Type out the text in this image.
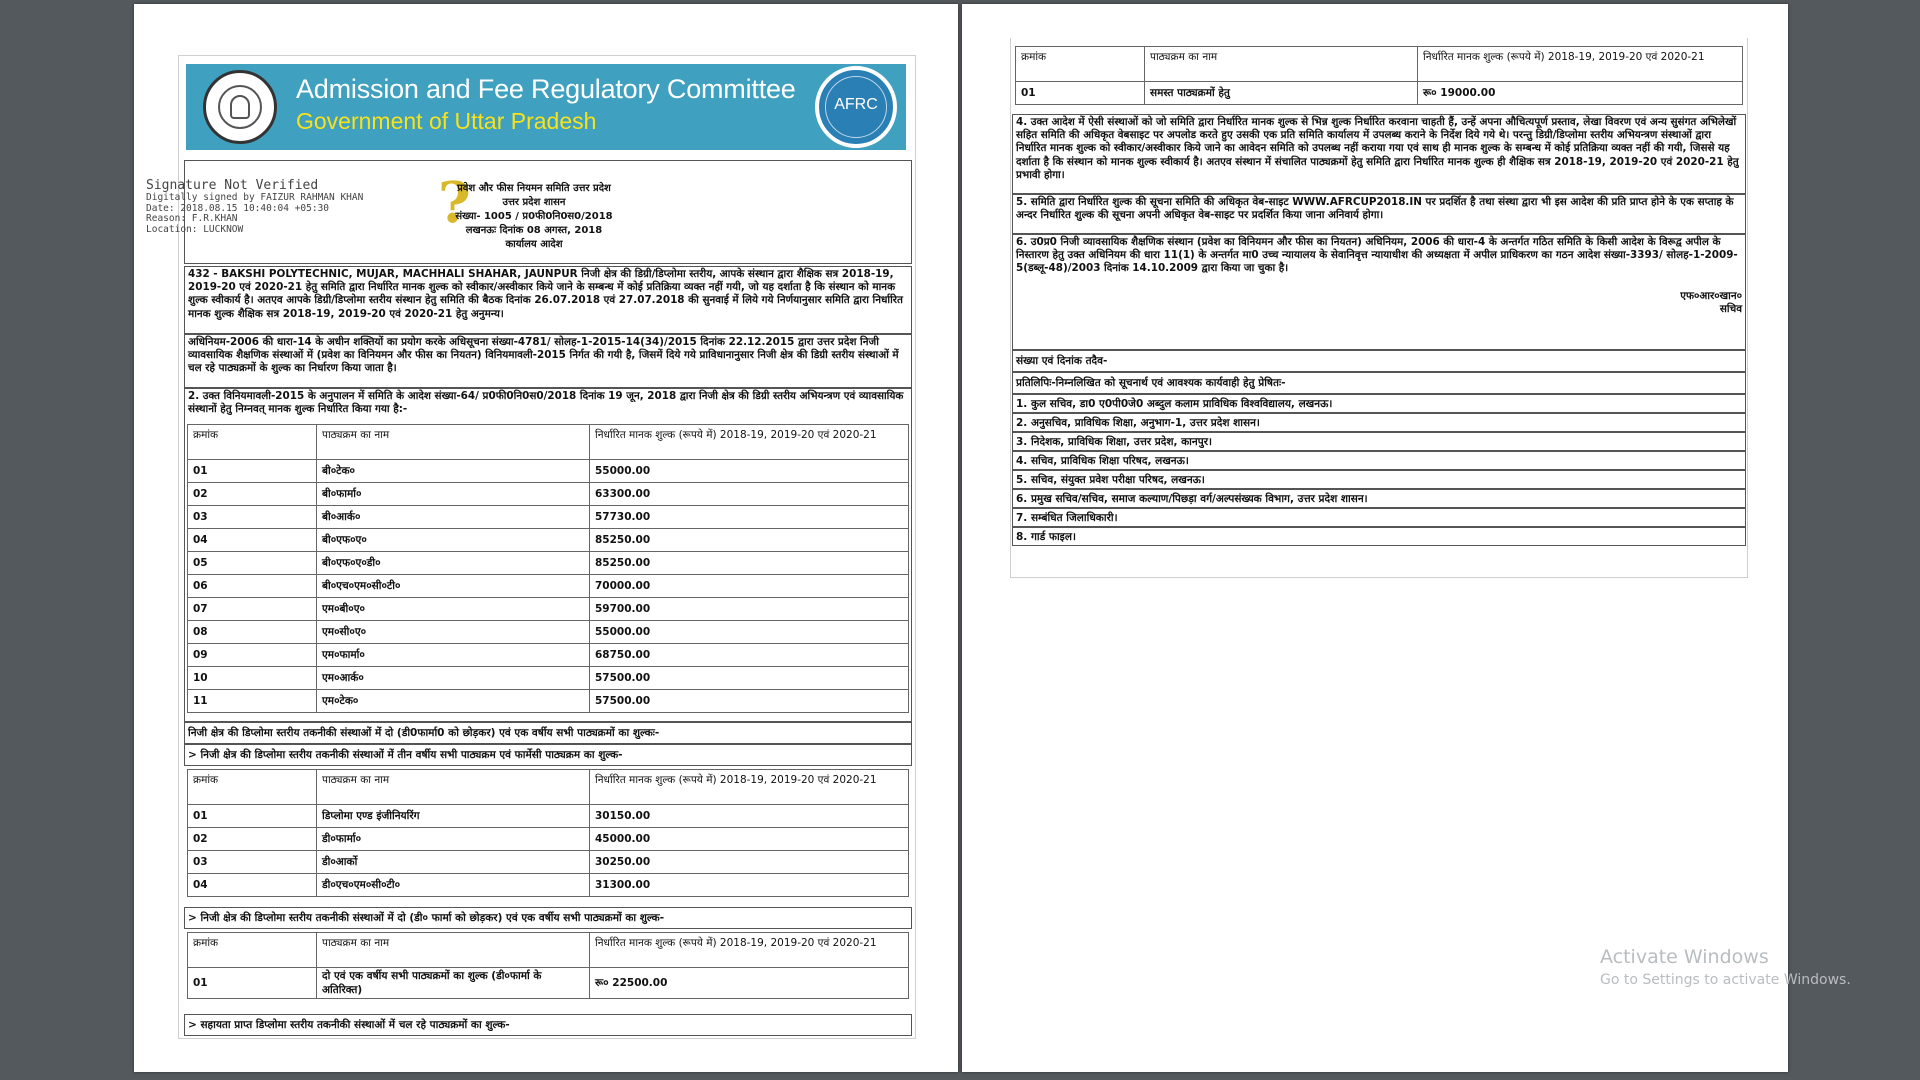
Admission and Fee Regulatory Committee
Government of Uttar Pradesh
AFRC
Signature Not Verified
Digitally signed by FAIZUR RAHMAN KHAN
Date: 2018.08.15 10:40:04 +05:30
Reason: F.R.KHAN
Location: LUCKNOW	?
प्रवेश और फीस नियमन समिति उत्तर प्रदेश
उत्तर प्रदेश शासन
संख्या- 1005 / प्र0फी0नि0स0/2018
लखनऊः दिनांक 08 अगस्त, 2018
कार्यालय आदेश
432 - BAKSHI POLYTECHNIC, MUJAR, MACHHALI SHAHAR, JAUNPUR निजी क्षेत्र की डिग्री/डिप्लोमा स्तरीय, आपके संस्थान द्वारा शैक्षिक सत्र 2018-19, 2019-20 एवं 2020-21 हेतु समिति द्वारा निर्धारित मानक शुल्क को स्वीकार/अस्वीकार किये जाने के सम्बन्ध में कोई प्रतिक्रिया व्यक्त नहीं गयी, जो यह दर्शाता है कि संस्थान को मानक शुल्क स्वीकार्य है। अतएव आपके डिग्री/डिप्लोमा स्तरीय संस्थान हेतु समिति की बैठक दिनांक 26.07.2018 एवं 27.07.2018 की सुनवाई में लिये गये निर्णयानुसार समिति द्वारा निर्धारित मानक शुल्क शैक्षिक सत्र 2018-19, 2019-20 एवं 2020-21 हेतु अनुमन्य।
अधिनियम-2006 की धारा-14 के अधीन शक्तियों का प्रयोग करके अधिसूचना संख्या-4781/ सोलह-1-2015-14(34)/2015 दिनांक 22.12.2015 द्वारा उत्तर प्रदेश निजी व्यावसायिक शैक्षणिक संस्थाओं में (प्रवेश का विनियमन और फीस का नियतन) विनियमावली-2015 निर्गत की गयी है, जिसमें दिये गये प्राविधानानुसार निजी क्षेत्र की डिग्री स्तरीय संस्थाओं में चल रहे पाठ्यक्रमों के शुल्क का निर्धारण किया जाता है।
2. उक्त विनियमावली-2015 के अनुपालन में समिति के आदेश संख्या-64/ प्र0फी0नि0स0/2018 दिनांक 19 जून, 2018 द्वारा निजी क्षेत्र की डिग्री स्तरीय अभियन्त्रण एवं व्यावसायिक संस्थानों हेतु निम्नवत् मानक शुल्क निर्धारित किया गया है:-
क्रमांक	पाठ्यक्रम का नाम	निर्धारित मानक शुल्क (रूपये में) 2018-19, 2019-20 एवं 2020-21
01	बी०टेक०	55000.00
02	बी०फार्मा०	63300.00
03	बी०आर्क०	57730.00
04	बी०एफ०ए०	85250.00
05	बी०एफ०ए०डी०	85250.00
06	बी०एच०एम०सी०टी०	70000.00
07	एम०बी०ए०	59700.00
08	एम०सी०ए०	55000.00
09	एम०फार्मा०	68750.00
10	एम०आर्क०	57500.00
11	एम०टेक०	57500.00
निजी क्षेत्र की डिप्लोमा स्तरीय तकनीकी संस्थाओं में दो (डी0फार्मा0 को छोड़कर) एवं एक वर्षीय सभी पाठ्यक्रमों का शुल्कः-
> निजी क्षेत्र की डिप्लोमा स्तरीय तकनीकी संस्थाओं में तीन वर्षीय सभी पाठ्यक्रम एवं फार्मेसी पाठ्यक्रम का शुल्क-
क्रमांक	पाठ्यक्रम का नाम	निर्धारित मानक शुल्क (रूपये में) 2018-19, 2019-20 एवं 2020-21
01	डिप्लोमा एण्ड इंजीनियरिंग	30150.00
02	डी०फार्मा०	45000.00
03	डी०आर्को	30250.00
04	डी०एच०एम०सी०टी०	31300.00
> निजी क्षेत्र की डिप्लोमा स्तरीय तकनीकी संस्थाओं में दो (डी० फार्मा को छोड़कर) एवं एक वर्षीय सभी पाठ्यक्रमों का शुल्क-
क्रमांक	पाठ्यक्रम का नाम	निर्धारित मानक शुल्क (रूपये में) 2018-19, 2019-20 एवं 2020-21
01	दो एवं एक वर्षीय सभी पाठ्यक्रमों का शुल्क (डी०फार्मा के अतिरिक्त)	रू० 22500.00
> सहायता प्राप्त डिप्लोमा स्तरीय तकनीकी संस्थाओं में चल रहे पाठ्यक्रमों का शुल्क-
क्रमांक	पाठ्यक्रम का नाम	निर्धारित मानक शुल्क (रूपये में) 2018-19, 2019-20 एवं 2020-21
01	समस्त पाठ्यक्रमों हेतु	रू० 19000.00
4. उक्त आदेश में ऐसी संस्थाओं को जो समिति द्वारा निर्धारित मानक शुल्क से भिन्न शुल्क निर्धारित करवाना चाहती हैं, उन्हें अपना औचित्यपूर्ण प्रस्ताव, लेखा विवरण एवं अन्य सुसंगत अभिलेखों सहित समिति की अधिकृत वेबसाइट पर अपलोड करते हुए उसकी एक प्रति समिति कार्यालय में उपलब्ध कराने के निर्देश दिये गये थे। परन्तु डिग्री/डिप्लोमा स्तरीय अभियन्त्रण संस्थाओं द्वारा निर्धारित मानक शुल्क को स्वीकार/अस्वीकार किये जाने का आवेदन समिति को उपलब्ध नहीं कराया गया एवं साथ ही मानक शुल्क के सम्बन्ध में कोई प्रतिक्रिया व्यक्त नहीं की गयी, जिससे यह दर्शाता है कि संस्थान को मानक शुल्क स्वीकार्य है। अतएव संस्थान में संचालित पाठ्यक्रमों हेतु समिति द्वारा निर्धारित मानक शुल्क ही शैक्षिक सत्र 2018-19, 2019-20 एवं 2020-21 हेतु प्रभावी होगा।
5. समिति द्वारा निर्धारित शुल्क की सूचना समिति की अधिकृत वेब-साइट WWW.AFRCUP2018.IN पर प्रदर्शित है तथा संस्था द्वारा भी इस आदेश की प्रति प्राप्त होने के एक सप्ताह के अन्दर निर्धारित शुल्क की सूचना अपनी अधिकृत वेब-साइट पर प्रदर्शित किया जाना अनिवार्य होगा।
6. उ0प्र0 निजी व्यावसायिक शैक्षणिक संस्थान (प्रवेश का विनियमन और फीस का नियतन) अधिनियम, 2006 की धारा-4 के अन्तर्गत गठित समिति के किसी आदेश के विरूद्व अपील के निस्तारण हेतु उक्त अधिनियम की धारा 11(1) के अन्तर्गत मा0 उच्च न्यायालय के सेवानिवृत्त न्यायाधीश की अध्यक्षता में अपील प्राधिकरण का गठन आदेश संख्या-3393/ सोलह-1-2009-5(डब्लू-48)/2003 दिनांक 14.10.2009 द्वारा किया जा चुका है।
एफ०आर०खान०
सचिव
संख्या एवं दिनांक तदैव-
प्रतिलिपिः-निम्नलिखित को सूचनार्थ एवं आवश्यक कार्यवाही हेतु प्रेषितः-
1. कुल सचिव, डा0 ए0पी0जे0 अब्दुल कलाम प्राविधिक विश्वविद्यालय, लखनऊ।
2. अनुसचिव, प्राविधिक शिक्षा, अनुभाग-1, उत्तर प्रदेश शासन।
3. निदेशक, प्राविधिक शिक्षा, उत्तर प्रदेश, कानपुर।
4. सचिव, प्राविधिक शिक्षा परिषद, लखनऊ।
5. सचिव, संयुक्त प्रवेश परीक्षा परिषद, लखनऊ।
6. प्रमुख सचिव/सचिव, समाज कल्याण/पिछड़ा वर्ग/अल्पसंख्यक विभाग, उत्तर प्रदेश शासन।
7. सम्बंधित जिलाधिकारी।
8. गार्ड फाइल।
Activate Windows
Go to Settings to activate Windows.
